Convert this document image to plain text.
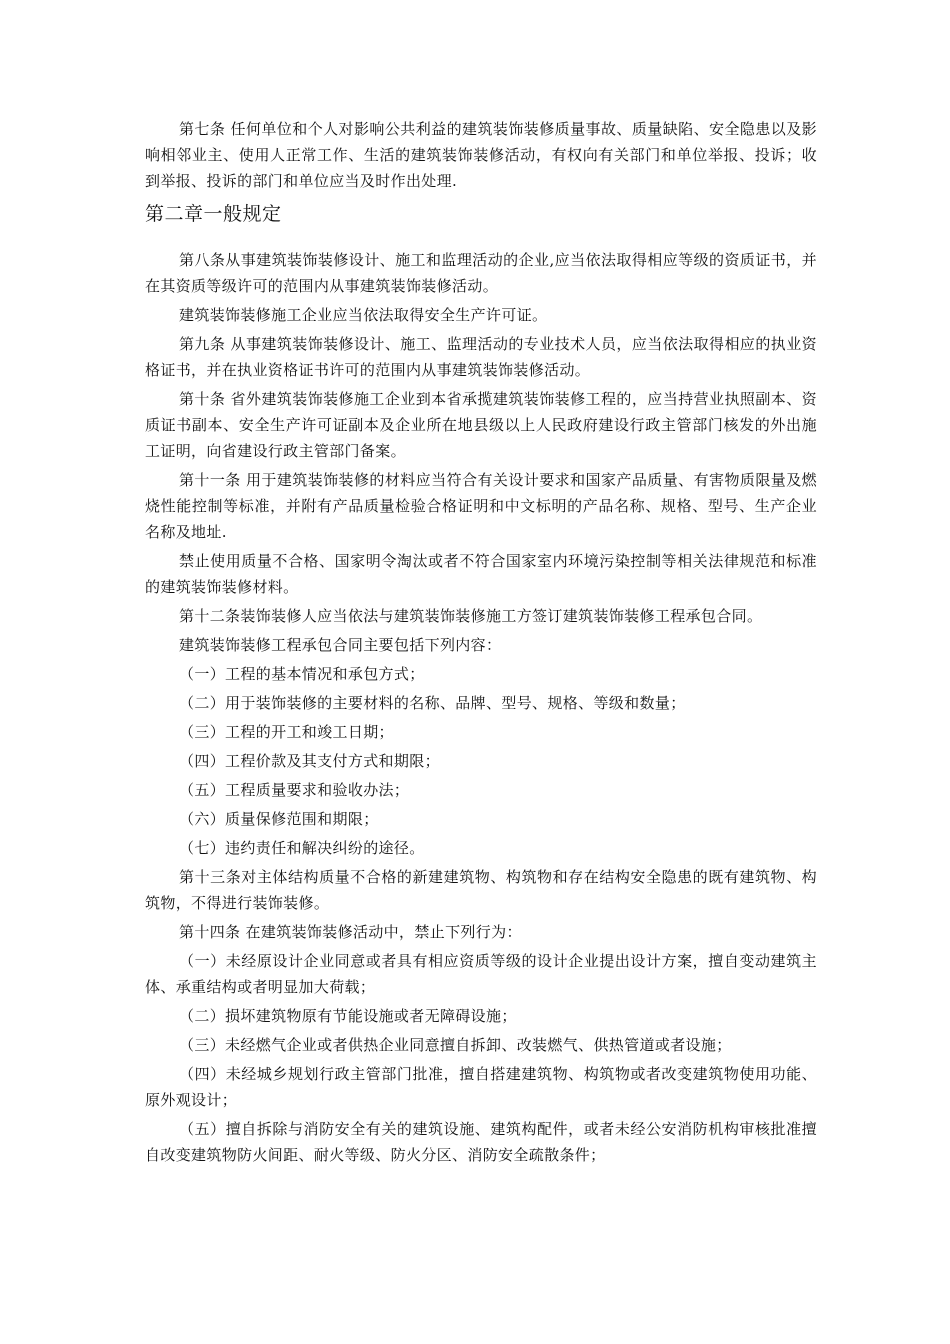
第七条 任何单位和个人对影响公共利益的建筑装饰装修质量事故、质量缺陷、安全隐患以及影响相邻业主、使用人正常工作、生活的建筑装饰装修活动，有权向有关部门和单位举报、投诉；收到举报、投诉的部门和单位应当及时作出处理.

第二章一般规定

第八条从事建筑装饰装修设计、施工和监理活动的企业,应当依法取得相应等级的资质证书，并在其资质等级许可的范围内从事建筑装饰装修活动。

建筑装饰装修施工企业应当依法取得安全生产许可证。

第九条 从事建筑装饰装修设计、施工、监理活动的专业技术人员，应当依法取得相应的执业资格证书，并在执业资格证书许可的范围内从事建筑装饰装修活动。

第十条 省外建筑装饰装修施工企业到本省承揽建筑装饰装修工程的，应当持营业执照副本、资质证书副本、安全生产许可证副本及企业所在地县级以上人民政府建设行政主管部门核发的外出施工证明，向省建设行政主管部门备案。

第十一条 用于建筑装饰装修的材料应当符合有关设计要求和国家产品质量、有害物质限量及燃烧性能控制等标准，并附有产品质量检验合格证明和中文标明的产品名称、规格、型号、生产企业名称及地址.

禁止使用质量不合格、国家明令淘汰或者不符合国家室内环境污染控制等相关法律规范和标准的建筑装饰装修材料。

第十二条装饰装修人应当依法与建筑装饰装修施工方签订建筑装饰装修工程承包合同。

建筑装饰装修工程承包合同主要包括下列内容：

（一）工程的基本情况和承包方式；

（二）用于装饰装修的主要材料的名称、品牌、型号、规格、等级和数量；

（三）工程的开工和竣工日期；

（四）工程价款及其支付方式和期限；

（五）工程质量要求和验收办法；

（六）质量保修范围和期限；

（七）违约责任和解决纠纷的途径。

第十三条对主体结构质量不合格的新建建筑物、构筑物和存在结构安全隐患的既有建筑物、构筑物，不得进行装饰装修。

第十四条 在建筑装饰装修活动中，禁止下列行为：

（一）未经原设计企业同意或者具有相应资质等级的设计企业提出设计方案，擅自变动建筑主体、承重结构或者明显加大荷载；

（二）损坏建筑物原有节能设施或者无障碍设施；

（三）未经燃气企业或者供热企业同意擅自拆卸、改装燃气、供热管道或者设施；

（四）未经城乡规划行政主管部门批准，擅自搭建建筑物、构筑物或者改变建筑物使用功能、原外观设计；

（五）擅自拆除与消防安全有关的建筑设施、建筑构配件，或者未经公安消防机构审核批准擅自改变建筑物防火间距、耐火等级、防火分区、消防安全疏散条件；
